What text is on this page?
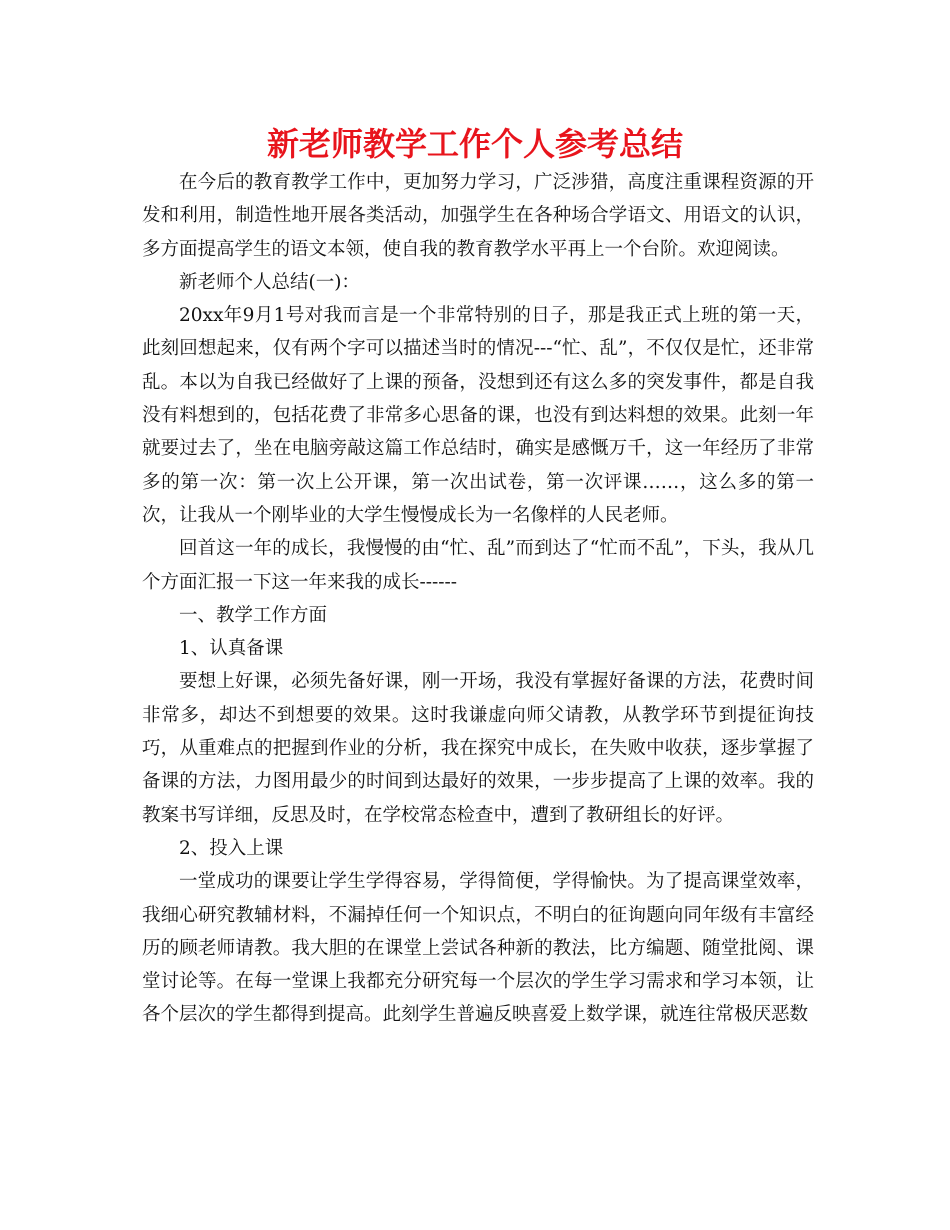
新老师教学工作个人参考总结

在今后的教育教学工作中，更加努力学习，广泛涉猎，高度注重课程资源的开发和利用，制造性地开展各类活动，加强学生在各种场合学语文、用语文的认识，多方面提高学生的语文本领，使自我的教育教学水平再上一个台阶。欢迎阅读。

新老师个人总结(一)：

20xx年9月1号对我而言是一个非常特别的日子，那是我正式上班的第一天，此刻回想起来，仅有两个字可以描述当时的情况---“忙、乱”，不仅仅是忙，还非常乱。本以为自我已经做好了上课的预备，没想到还有这么多的突发事件，都是自我没有料想到的，包括花费了非常多心思备的课，也没有到达料想的效果。此刻一年就要过去了，坐在电脑旁敲这篇工作总结时，确实是感慨万千，这一年经历了非常多的第一次：第一次上公开课，第一次出试卷，第一次评课……，这么多的第一次，让我从一个刚毕业的大学生慢慢成长为一名像样的人民老师。

回首这一年的成长，我慢慢的由“忙、乱”而到达了“忙而不乱”，下头，我从几个方面汇报一下这一年来我的成长------

一、教学工作方面

1、认真备课

要想上好课，必须先备好课，刚一开场，我没有掌握好备课的方法，花费时间非常多，却达不到想要的效果。这时我谦虚向师父请教，从教学环节到提征询技巧，从重难点的把握到作业的分析，我在探究中成长，在失败中收获，逐步掌握了备课的方法，力图用最少的时间到达最好的效果，一步步提高了上课的效率。我的教案书写详细，反思及时，在学校常态检查中，遭到了教研组长的好评。

2、投入上课

一堂成功的课要让学生学得容易，学得简便，学得愉快。为了提高课堂效率，我细心研究教辅材料，不漏掉任何一个知识点，不明白的征询题向同年级有丰富经历的顾老师请教。我大胆的在课堂上尝试各种新的教法，比方编题、随堂批阅、课堂讨论等。在每一堂课上我都充分研究每一个层次的学生学习需求和学习本领，让各个层次的学生都得到提高。此刻学生普遍反映喜爱上数学课，就连往常极厌恶数
